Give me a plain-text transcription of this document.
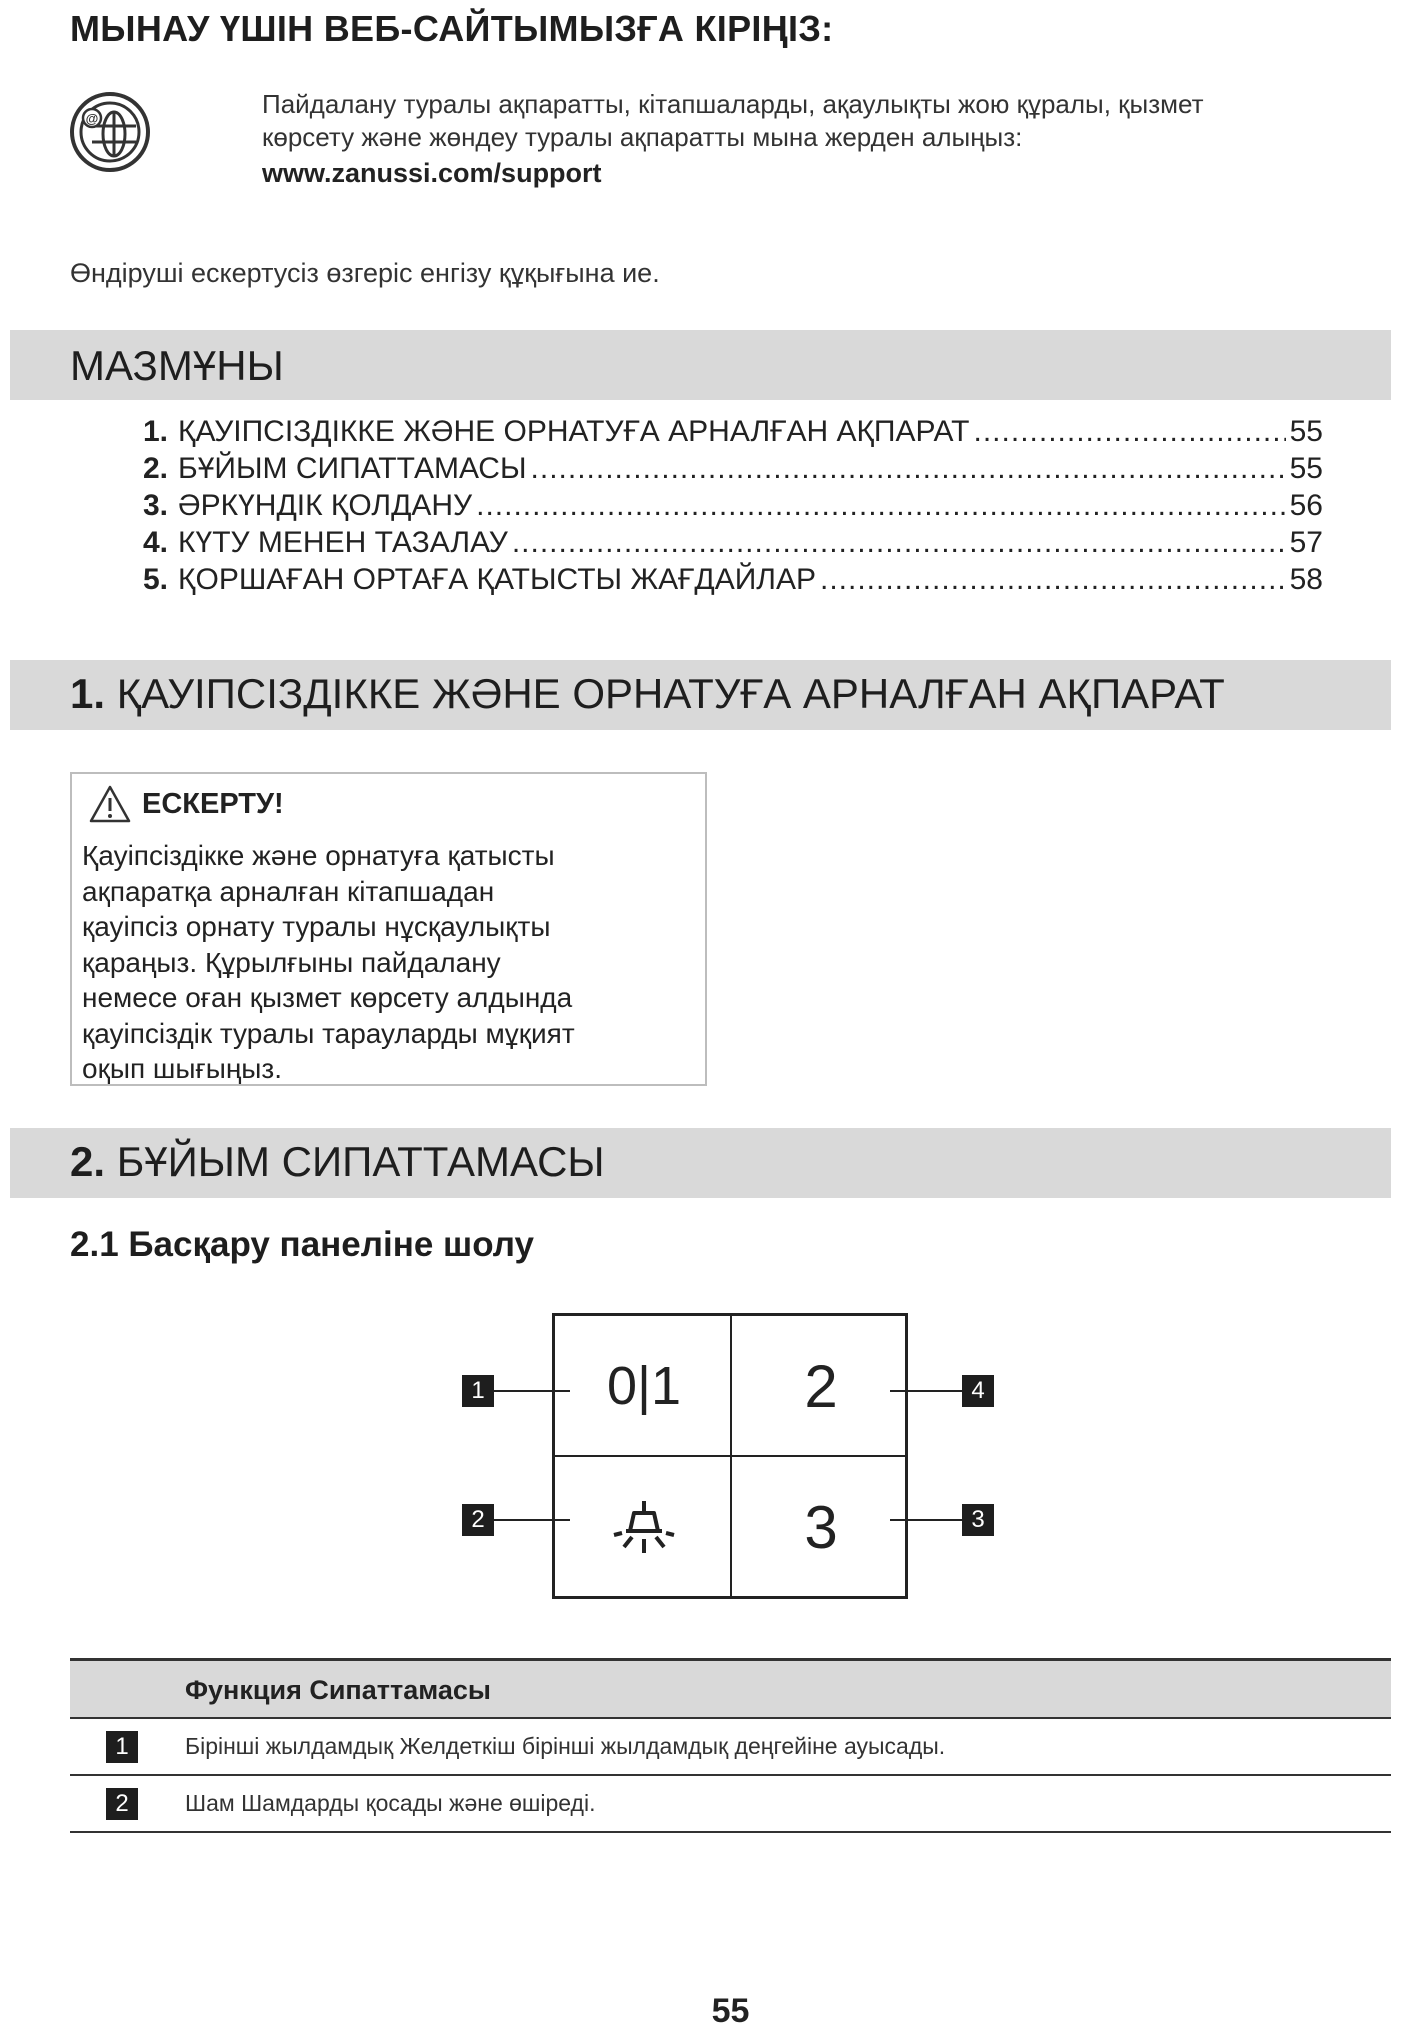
МЫНАУ ҮШІН ВЕБ-САЙТЫМЫЗҒА КІРІҢІЗ:
@	Пайдалану туралы ақпаратты, кітапшаларды, ақаулықты жою құралы, қызмет
көрсету және жөндеу туралы ақпаратты мына жерден алыңыз:
www.zanussi.com/support
Өндіруші ескертусіз өзгеріс енгізу құқығына ие.
МАЗМҰНЫ
1. ҚАУІПСІЗДІККЕ ЖӘНЕ ОРНАТУҒА АРНАЛҒАН АҚПАРАТ .....	55
2. БҰЙЫМ СИПАТТАМАСЫ .....	55
3. ӘРКҮНДІК ҚОЛДАНУ .....	56
4. КҮТУ МЕНЕН ТАЗАЛАУ .....	57
5. ҚОРШАҒАН ОРТАҒА ҚАТЫСТЫ ЖАҒДАЙЛАР .....	58
1. ҚАУІПСІЗДІККЕ ЖӘНЕ ОРНАТУҒА АРНАЛҒАН АҚПАРАТ
ЕСКЕРТУ!
Қауіпсіздікке және орнатуға қатысты
ақпаратқа арналған кітапшадан
қауіпсіз орнату туралы нұсқаулықты
қараңыз. Құрылғыны пайдалану
немесе оған қызмет көрсету алдында
қауіпсіздік туралы тарауларды мұқият
оқып шығыңыз.
2. БҰЙЫМ СИПАТТАМАСЫ
2.1 Басқару панеліне шолу
0|1	2
3
1
2
4
3
Функция Сипаттамасы
1	Бірінші жылдамдық Желдеткіш бірінші жылдамдық деңгейіне ауысады.
2	Шам Шамдарды қосады және өшіреді.
55
